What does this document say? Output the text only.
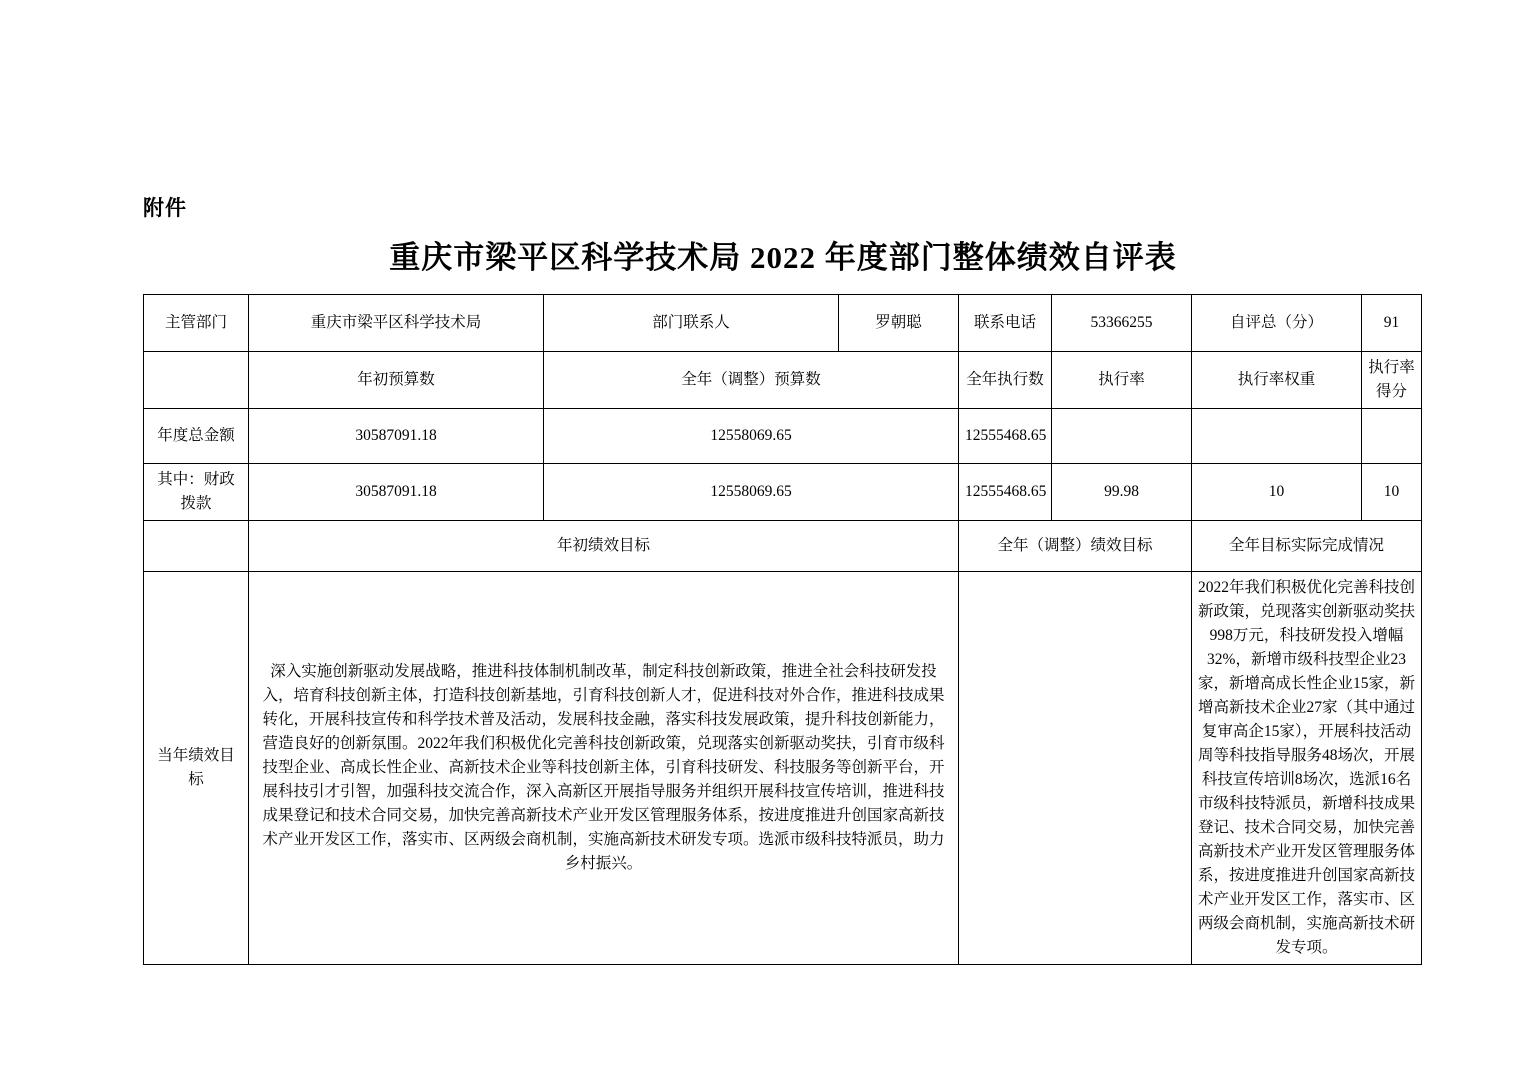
附件
重庆市梁平区科学技术局 2022 年度部门整体绩效自评表
主管部门	重庆市梁平区科学技术局	部门联系人	罗朝聪	联系电话	53366255	自评总（分）	91
	年初预算数	全年（调整）预算数		全年执行数	执行率	执行率权重	执行率得分
年度总金额	30587091.18	12558069.65		12555468.65			
其中：财政拨款	30587091.18	12558069.65		12555468.65	99.98	10	10
	年初绩效目标			全年（调整）绩效目标		全年目标实际完成情况	
当年绩效目标	深入实施创新驱动发展战略，推进科技体制机制改革，制定科技创新政策，推进全社会科技研发投入，培育科技创新主体，打造科技创新基地，引育科技创新人才，促进科技对外合作，推进科技成果转化，开展科技宣传和科学技术普及活动，发展科技金融，落实科技发展政策，提升科技创新能力，营造良好的创新氛围。2022年我们积极优化完善科技创新政策，兑现落实创新驱动奖扶，引育市级科技型企业、高成长性企业、高新技术企业等科技创新主体，引育科技研发、科技服务等创新平台，开展科技引才引智，加强科技交流合作，深入高新区开展指导服务并组织开展科技宣传培训，推进科技成果登记和技术合同交易，加快完善高新技术产业开发区管理服务体系，按进度推进升创国家高新技术产业开发区工作，落实市、区两级会商机制，实施高新技术研发专项。选派市级科技特派员，助力乡村振兴。		2022年我们积极优化完善科技创新政策，兑现落实创新驱动奖扶998万元，科技研发投入增幅32%，新增市级科技型企业23家，新增高成长性企业15家，新增高新技术企业27家（其中通过复审高企15家），开展科技活动周等科技指导服务48场次，开展科技宣传培训8场次，选派16名市级科技特派员，新增科技成果登记、技术合同交易，加快完善高新技术产业开发区管理服务体系，按进度推进升创国家高新技术产业开发区工作，落实市、区两级会商机制，实施高新技术研发专项。
